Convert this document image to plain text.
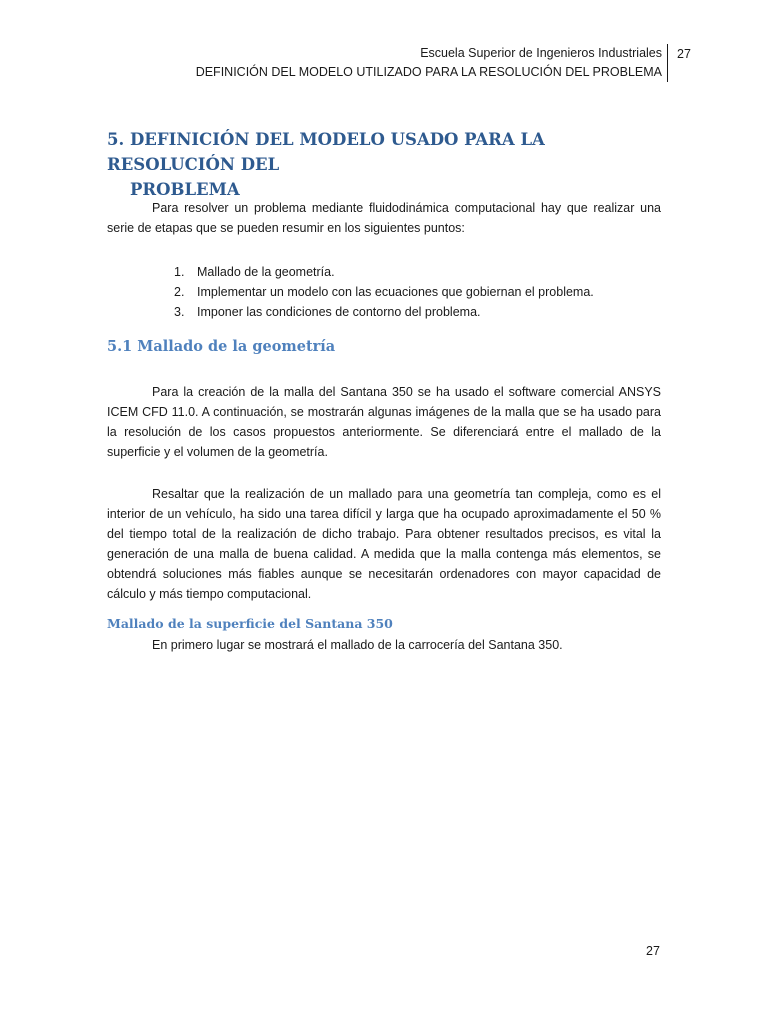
Escuela Superior de Ingenieros Industriales
DEFINICIÓN DEL MODELO UTILIZADO PARA LA RESOLUCIÓN DEL PROBLEMA
27
5. DEFINICIÓN DEL MODELO USADO PARA LA RESOLUCIÓN DEL
PROBLEMA

Para resolver un problema mediante fluidodinámica computacional hay que realizar una serie de etapas que se pueden resumir en los siguientes puntos:

1.	Mallado de la geometría.
2.	Implementar un modelo con las ecuaciones que gobiernan el problema.
3.	Imponer las condiciones de contorno del problema.
5.1 Mallado de la geometría

Para la creación de la malla del Santana 350 se ha usado el software comercial ANSYS ICEM CFD 11.0. A continuación, se mostrarán algunas imágenes de la malla que se ha usado para la resolución de los casos propuestos anteriormente. Se diferenciará entre el mallado de la superficie y el volumen de la geometría.

Resaltar que la realización de un mallado para una geometría tan compleja, como es el interior de un vehículo, ha sido una tarea difícil y larga que ha ocupado aproximadamente el 50 % del tiempo total de la realización de dicho trabajo. Para obtener resultados precisos, es vital la generación de una malla de buena calidad. A medida que la malla contenga más elementos, se obtendrá soluciones más fiables aunque se necesitarán ordenadores con mayor capacidad de cálculo y más tiempo computacional.

Mallado de la superficie del Santana 350

En primero lugar se mostrará el mallado de la carrocería del Santana 350.

27
